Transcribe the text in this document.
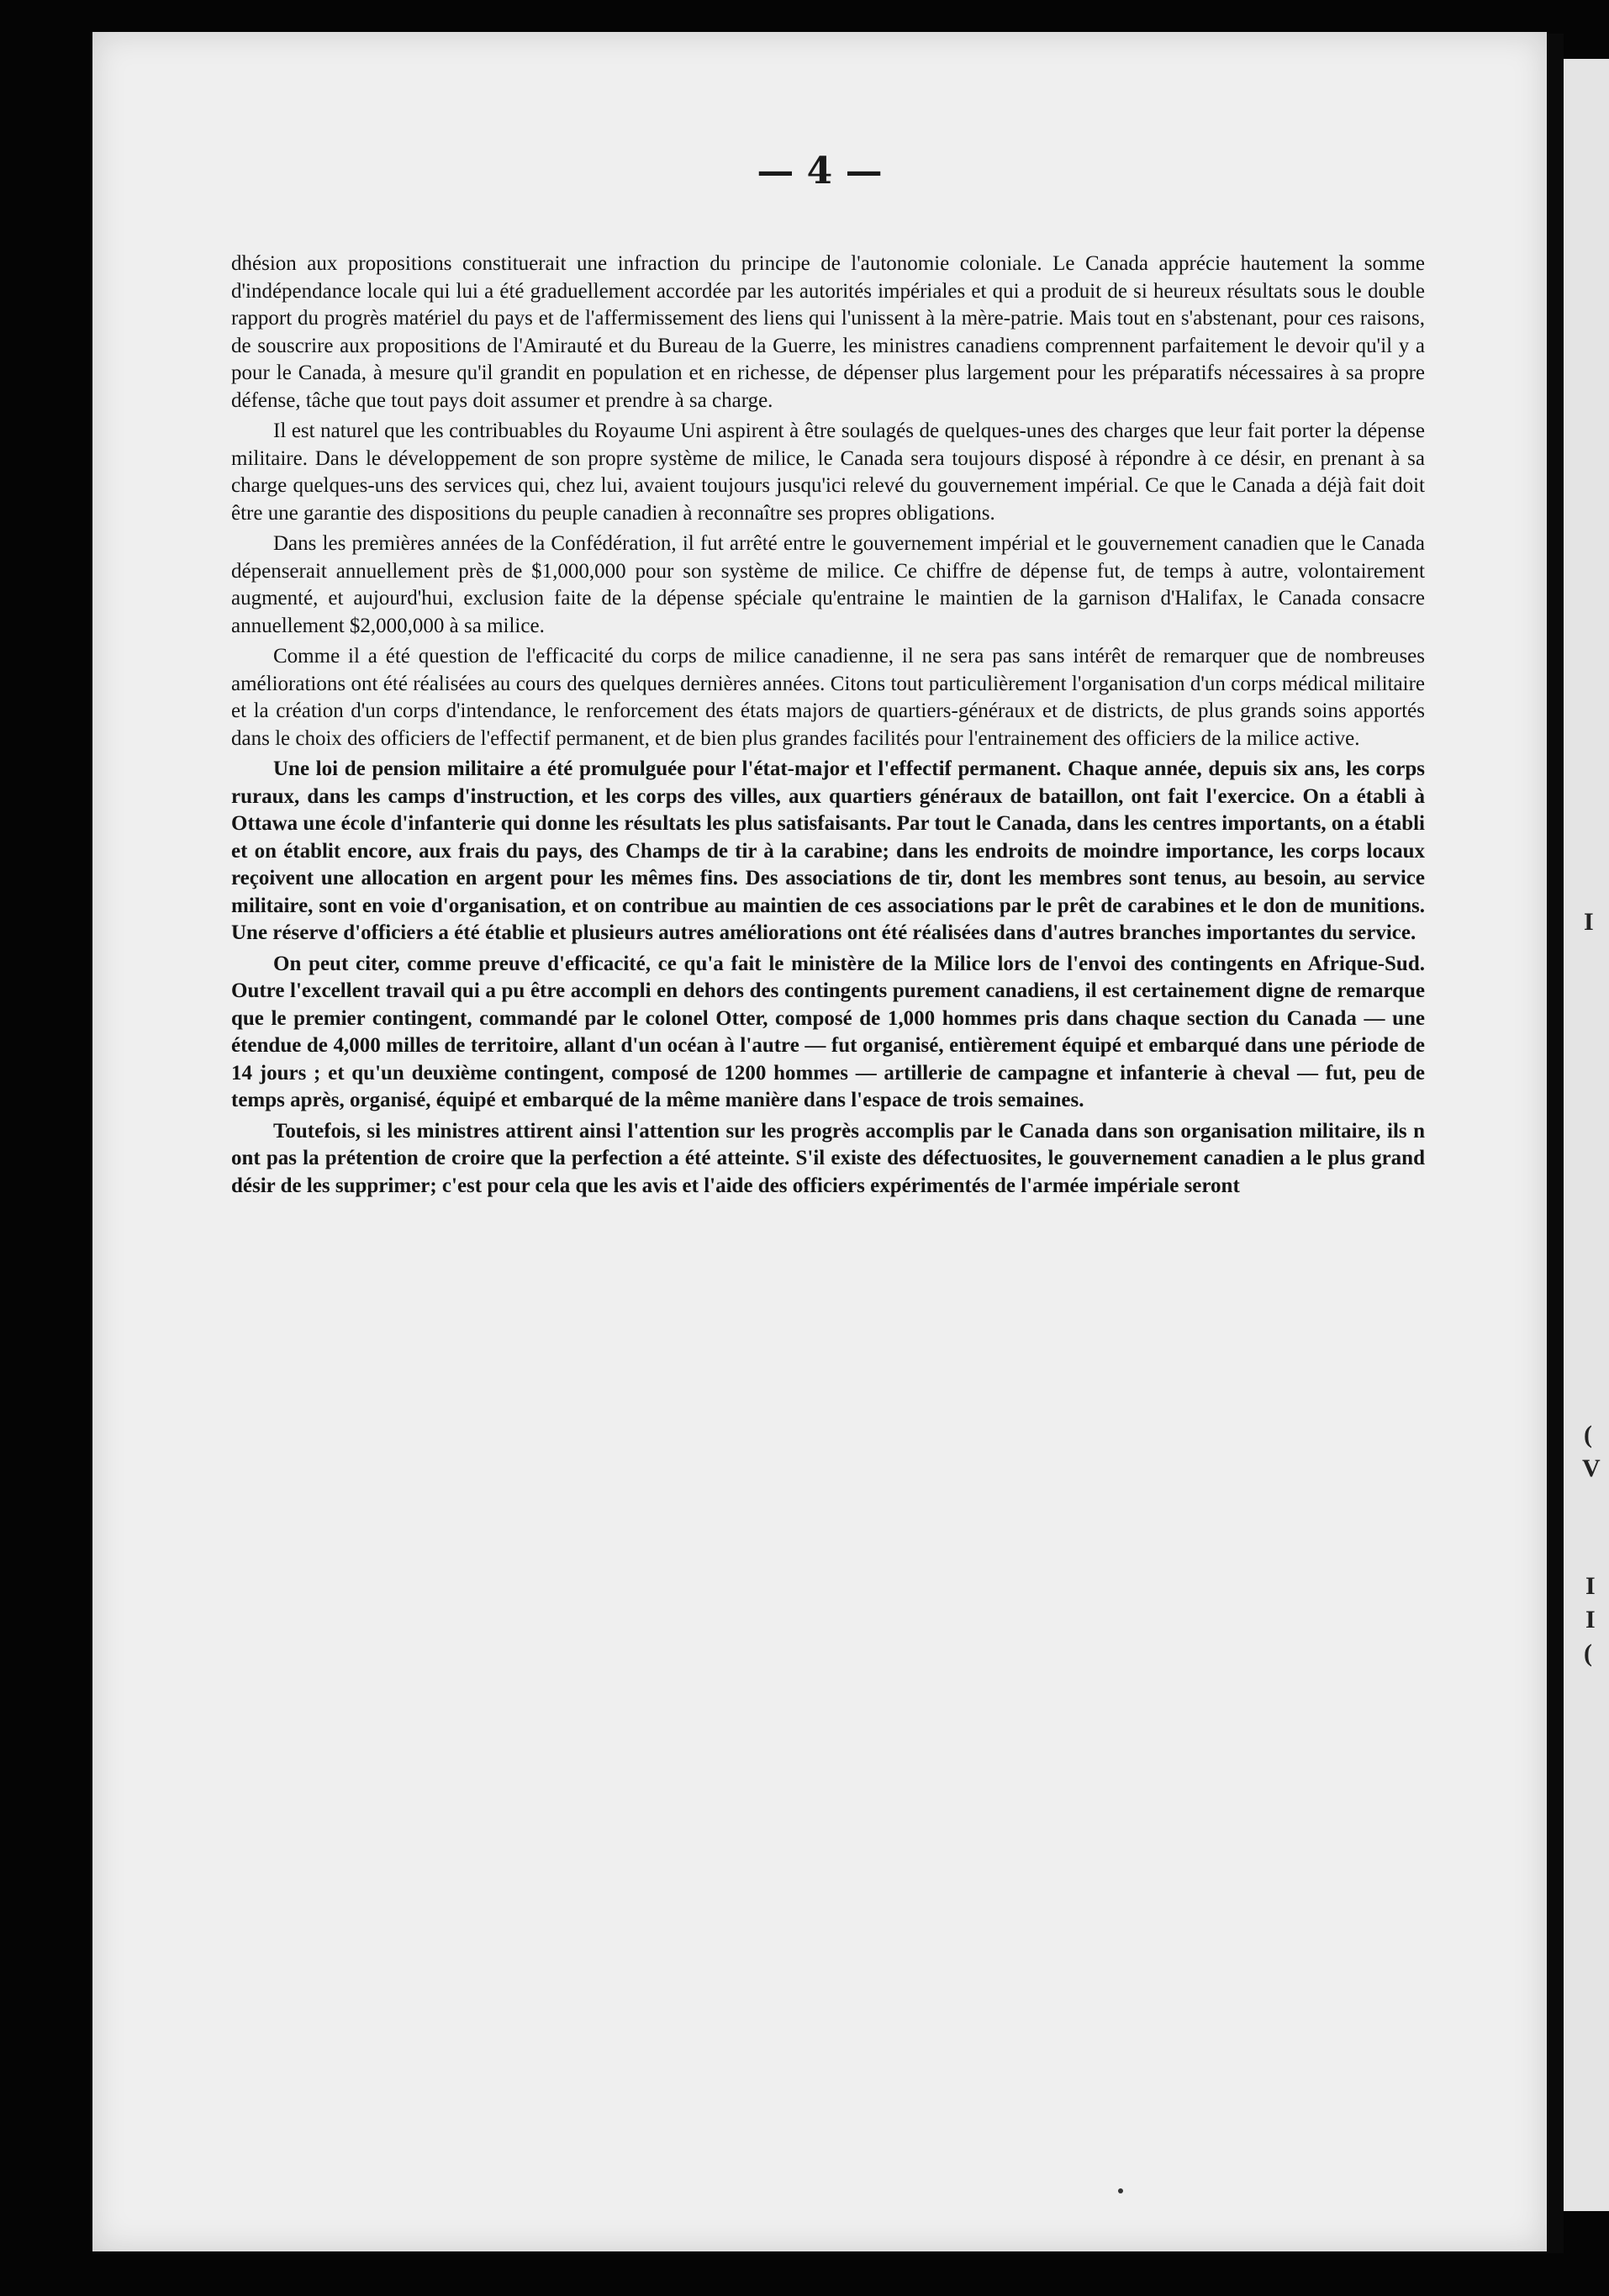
— 4 —

dhésion aux propositions constituerait une infraction du principe de l'autonomie coloniale. Le Canada apprécie hautement la somme d'indépendance locale qui lui a été graduellement accordée par les autorités impériales et qui a produit de si heureux résultats sous le double rapport du progrès matériel du pays et de l'affermissement des liens qui l'unissent à la mère-patrie. Mais tout en s'abstenant, pour ces raisons, de souscrire aux propositions de l'Amirauté et du Bureau de la Guerre, les ministres canadiens comprennent parfaitement le devoir qu'il y a pour le Canada, à mesure qu'il grandit en population et en richesse, de dépenser plus largement pour les préparatifs nécessaires à sa propre défense, tâche que tout pays doit assumer et prendre à sa charge.

Il est naturel que les contribuables du Royaume Uni aspirent à être soulagés de quelques-unes des charges que leur fait porter la dépense militaire. Dans le développement de son propre système de milice, le Canada sera toujours disposé à répondre à ce désir, en prenant à sa charge quelques-uns des services qui, chez lui, avaient toujours jusqu'ici relevé du gouvernement impérial. Ce que le Canada a déjà fait doit être une garantie des dispositions du peuple canadien à reconnaître ses propres obligations.

Dans les premières années de la Confédération, il fut arrêté entre le gouvernement impérial et le gouvernement canadien que le Canada dépenserait annuellement près de $1,000,000 pour son système de milice. Ce chiffre de dépense fut, de temps à autre, volontairement augmenté, et aujourd'hui, exclusion faite de la dépense spéciale qu'entraine le maintien de la garnison d'Halifax, le Canada consacre annuellement $2,000,000 à sa milice.

Comme il a été question de l'efficacité du corps de milice canadienne, il ne sera pas sans intérêt de remarquer que de nombreuses améliorations ont été réalisées au cours des quelques dernières années. Citons tout particulièrement l'organisation d'un corps médical militaire et la création d'un corps d'intendance, le renforcement des états majors de quartiers-généraux et de districts, de plus grands soins apportés dans le choix des officiers de l'effectif permanent, et de bien plus grandes facilités pour l'entrainement des officiers de la milice active.

Une loi de pension militaire a été promulguée pour l'état-major et l'effectif permanent. Chaque année, depuis six ans, les corps ruraux, dans les camps d'instruction, et les corps des villes, aux quartiers généraux de bataillon, ont fait l'exercice. On a établi à Ottawa une école d'infanterie qui donne les résultats les plus satisfaisants. Par tout le Canada, dans les centres importants, on a établi et on établit encore, aux frais du pays, des Champs de tir à la carabine; dans les endroits de moindre importance, les corps locaux reçoivent une allocation en argent pour les mêmes fins. Des associations de tir, dont les membres sont tenus, au besoin, au service militaire, sont en voie d'organisation, et on contribue au maintien de ces associations par le prêt de carabines et le don de munitions. Une réserve d'officiers a été établie et plusieurs autres améliorations ont été réalisées dans d'autres branches importantes du service.

On peut citer, comme preuve d'efficacité, ce qu'a fait le ministère de la Milice lors de l'envoi des contingents en Afrique-Sud. Outre l'excellent travail qui a pu être accompli en dehors des contingents purement canadiens, il est certainement digne de remarque que le premier contingent, commandé par le colonel Otter, composé de 1,000 hommes pris dans chaque section du Canada — une étendue de 4,000 milles de territoire, allant d'un océan à l'autre — fut organisé, entièrement équipé et embarqué dans une période de 14 jours ; et qu'un deuxième contingent, composé de 1200 hommes — artillerie de campagne et infanterie à cheval — fut, peu de temps après, organisé, équipé et embarqué de la même manière dans l'espace de trois semaines.

Toutefois, si les ministres attirent ainsi l'attention sur les progrès accomplis par le Canada dans son organisation militaire, ils n ont pas la prétention de croire que la perfection a été atteinte. S'il existe des défectuosites, le gouvernement canadien a le plus grand désir de les supprimer; c'est pour cela que les avis et l'aide des officiers expérimentés de l'armée impériale seront

I
(
V
I
I
(
